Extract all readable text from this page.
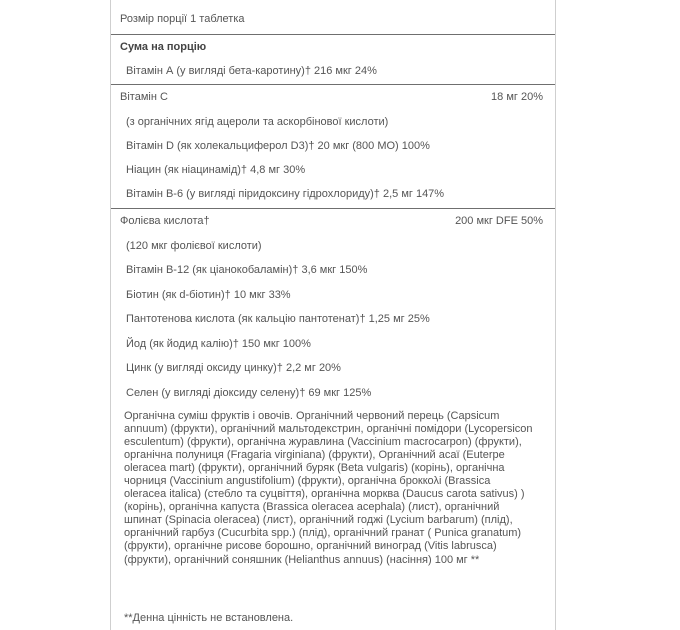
Розмір порції 1 таблетка
Сума на порцію
Вітамін А (у вигляді бета-каротину)† 216 мкг 24%
Вітамін С	18 мг 20%
(з органічних ягід ацероли та аскорбінової кислоти)
Вітамін D (як холекальциферол D3)† 20 мкг (800 МО) 100%
Ніацин (як ніацинамід)† 4,8 мг 30%
Вітамін В-6 (у вигляді піридоксину гідрохлориду)† 2,5 мг 147%
Фолієва кислота†	200 мкг DFE 50%
(120 мкг фолієвої кислоти)
Вітамін В-12 (як ціанокобаламін)† 3,6 мкг 150%
Біотин (як d-біотин)† 10 мкг 33%
Пантотенова кислота (як кальцію пантотенат)† 1,25 мг 25%
Йод (як йодид калію)† 150 мкг 100%
Цинк (у вигляді оксиду цинку)† 2,2 мг 20%
Селен (у вигляді діоксиду селену)† 69 мкг 125%
Органічна суміш фруктів і овочів. Органічний червоний перець (Capsicum annuum) (фрукти), органічний мальтодекстрин, органічні помідори (Lycopersicon esculentum) (фрукти), органічна журавлина (Vaccinium macrocarpon) (фрукти), органічна полуниця (Fragaria virginiana) (фрукти), Органічний асаї (Euterpe oleracea mart) (фрукти), органічний буряк (Beta vulgaris) (корінь), органічна чорниця (Vaccinium angustifolium) (фрукти), органічна броккολі (Brassica oleracea italica) (стебло та суцвіття), органічна морква (Daucus carota sativus) ) (корінь), органічна капуста (Brassica oleracea acephala) (лист), органічний шпинат (Spinacia oleracea) (лист), органічний годжі (Lycium barbarum) (плід), органічний гарбуз (Cucurbita spp.) (плід), органічний гранат ( Punica granatum) (фрукти), органічне рисове борошно, органічний виноград (Vitis labrusca) (фрукти), органічний соняшник (Helianthus annuus) (насіння) 100 мг **
**Денна цінність не встановлена.
